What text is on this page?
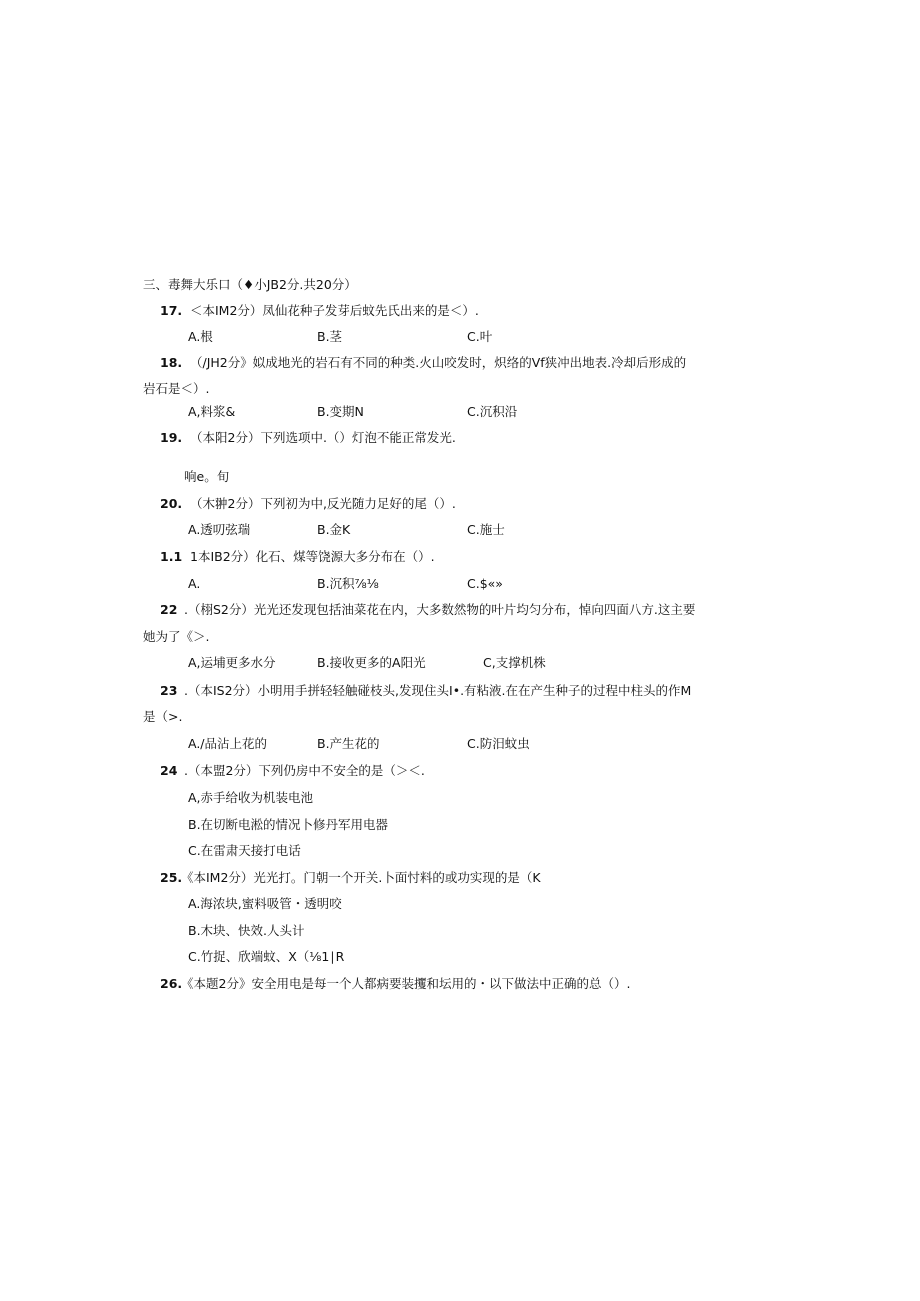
三、毒舞大乐口（♦小JB2分.共20分）
17. ＜本IM2分）凤仙花种子发芽后蚊先氏出来的是＜）.
A.根	B.茎	C.叶
18. （/JH2分》姒成地光的岩石有不同的种类.火山咬发时，炽络的Vf狭冲出地表.冷却后形成的
岩石是＜）.
A,料浆&	B.变期N	C.沉积沿
19. （本阳2分）下列选项中.（）灯泡不能正常发光.
响e。旬
20. （木翀2分）下列初为中,反光随力足好的尾（）.
A.透叨弦瑞	B.金K	C.施士
1.1 1本IB2分）化石、煤等饶源大多分布在（）.
A.	B.沉积⅞⅛	C.$«»
22 .（栩S2分）光光还发现包括油菜花在内，大多数然物的叶片均匀分布，悼向四面八方.这主要
她为了《＞.
A,运埔更多水分	B.接收更多的A阳光	C,支撑机株
23 .（本IS2分）小明用手拼轻轻触碰枝头,发现住头I•.有粘液.在在产生种子的过程中柱头的作M
是（>.
A./品沾上花的	B.产生花的	C.防汨蚊虫
24 .（本盟2分）下列仍房中不安全的是（＞＜.
A,赤手给收为机装电池
B.在切断电淞的情况卜修丹军用电器
C.在雷肃天接打电话
25.
《本IM2分）光光打。门朝一个开关.卜面忖料的或功实现的是（K
A.海浓块,蜜料吸管・透明咬
B.木块、快效.人头计
C.竹捉、欣端蚊、X（⅛1∣R
26.
《本题2分》安全用电是每一个人都病要装攫和坛用的・以下做法中正确的总（）.
